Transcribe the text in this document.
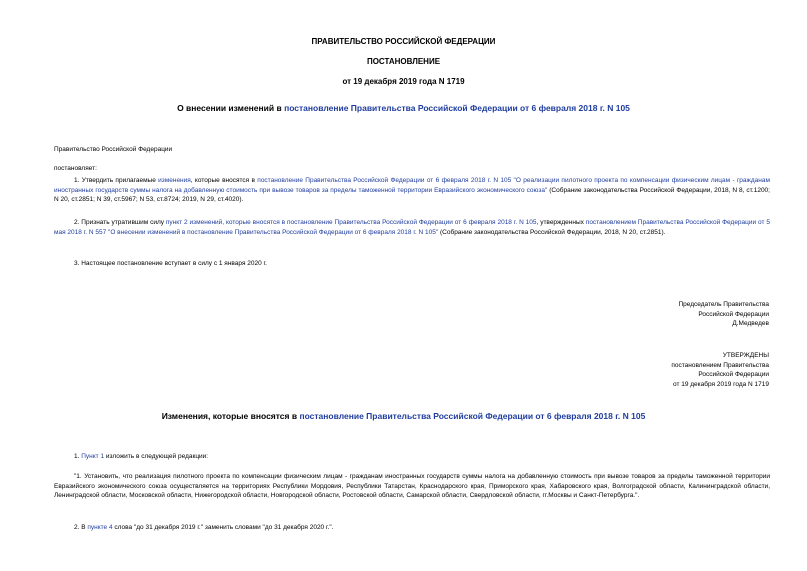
ПРАВИТЕЛЬСТВО РОССИЙСКОЙ ФЕДЕРАЦИИ
ПОСТАНОВЛЕНИЕ
от 19 декабря 2019 года N 1719
О внесении изменений в постановление Правительства Российской Федерации от 6 февраля 2018 г. N 105
Правительство Российской Федерации
постановляет:
1. Утвердить прилагаемые изменения, которые вносятся в постановление Правительства Российской Федерации от 6 февраля 2018 г. N 105 "О реализации пилотного проекта по компенсации физическим лицам - гражданам иностранных государств суммы налога на добавленную стоимость при вывозе товаров за пределы таможенной территории Евразийского экономического союза" (Собрание законодательства Российской Федерации, 2018, N 8, ст.1200; N 20, ст.2851; N 39, ст.5967; N 53, ст.8724; 2019, N 29, ст.4020).
2. Признать утратившим силу пункт 2 изменений, которые вносятся в постановление Правительства Российской Федерации от 6 февраля 2018 г. N 105, утвержденных постановлением Правительства Российской Федерации от 5 мая 2018 г. N 557 "О внесении изменений в постановление Правительства Российской Федерации от 6 февраля 2018 г. N 105" (Собрание законодательства Российской Федерации, 2018, N 20, ст.2851).
3. Настоящее постановление вступает в силу с 1 января 2020 г.
Председатель Правительства
Российской Федерации
Д.Медведев
УТВЕРЖДЕНЫ
постановлением Правительства
Российской Федерации
от 19 декабря 2019 года N 1719
Изменения, которые вносятся в постановление Правительства Российской Федерации от 6 февраля 2018 г. N 105
1. Пункт 1 изложить в следующей редакции:
"1. Установить, что реализация пилотного проекта по компенсации физическим лицам - гражданам иностранных государств суммы налога на добавленную стоимость при вывозе товаров за пределы таможенной территории Евразийского экономического союза осуществляется на территориях Республики Мордовия, Республики Татарстан, Краснодарского края, Приморского края, Хабаровского края, Волгоградской области, Калининградской области, Ленинградской области, Московской области, Нижегородской области, Новгородской области, Ростовской области, Самарской области, Свердловской области, гг.Москвы и Санкт-Петербурга.".
2. В пункте 4 слова "до 31 декабря 2019 г." заменить словами "до 31 декабря 2020 г.".
